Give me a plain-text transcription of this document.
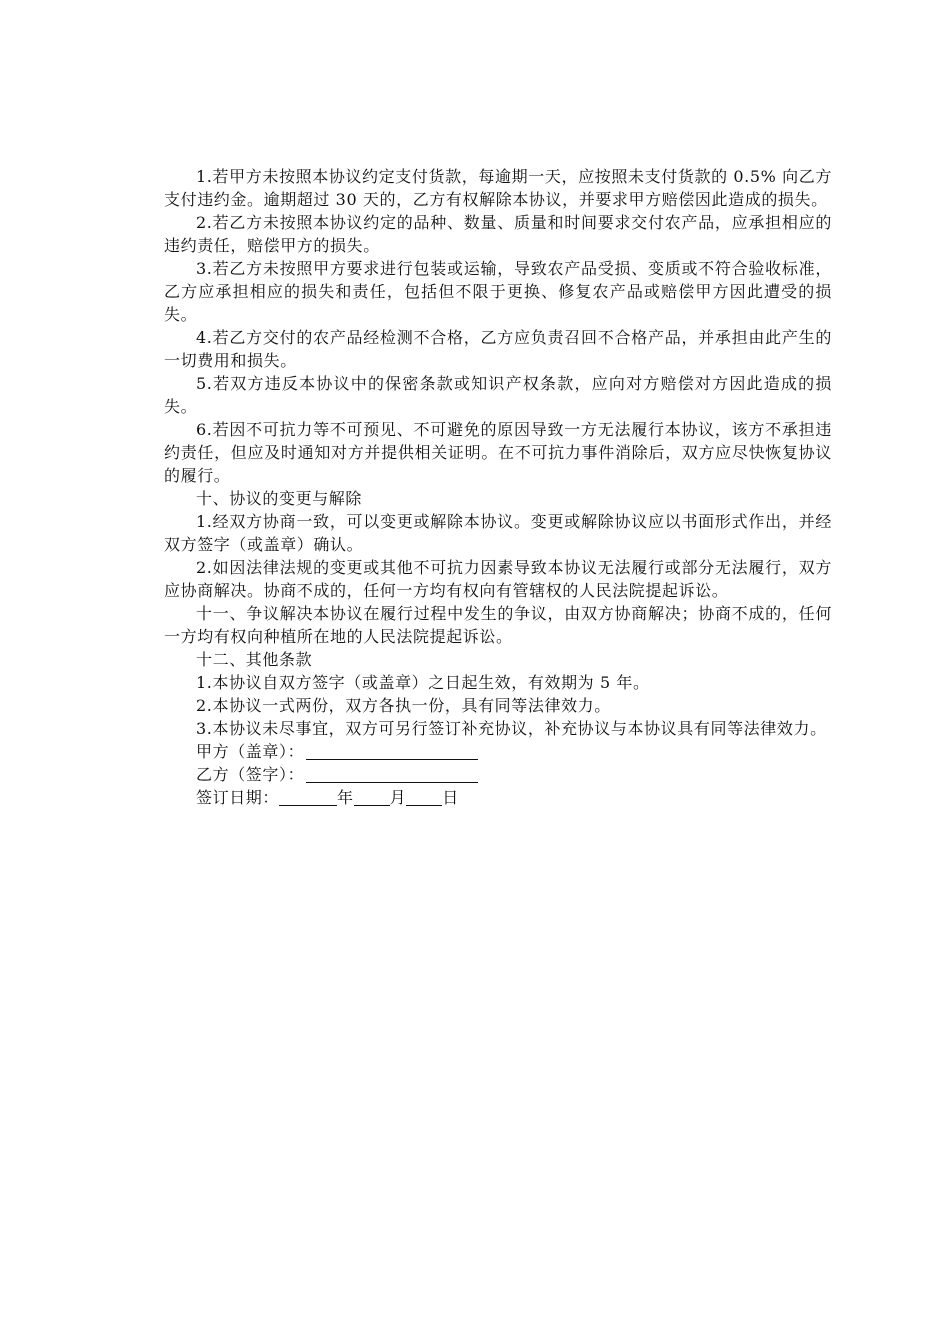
1.若甲方未按照本协议约定支付货款，每逾期一天，应按照未支付货款的 0.5% 向乙方支付违约金。逾期超过 30 天的，乙方有权解除本协议，并要求甲方赔偿因此造成的损失。

2.若乙方未按照本协议约定的品种、数量、质量和时间要求交付农产品，应承担相应的违约责任，赔偿甲方的损失。

3.若乙方未按照甲方要求进行包装或运输，导致农产品受损、变质或不符合验收标准，乙方应承担相应的损失和责任，包括但不限于更换、修复农产品或赔偿甲方因此遭受的损失。

4.若乙方交付的农产品经检测不合格，乙方应负责召回不合格产品，并承担由此产生的一切费用和损失。

5.若双方违反本协议中的保密条款或知识产权条款，应向对方赔偿对方因此造成的损失。

6.若因不可抗力等不可预见、不可避免的原因导致一方无法履行本协议，该方不承担违约责任，但应及时通知对方并提供相关证明。在不可抗力事件消除后，双方应尽快恢复协议的履行。

十、协议的变更与解除

1.经双方协商一致，可以变更或解除本协议。变更或解除协议应以书面形式作出，并经双方签字（或盖章）确认。

2.如因法律法规的变更或其他不可抗力因素导致本协议无法履行或部分无法履行，双方应协商解决。协商不成的，任何一方均有权向有管辖权的人民法院提起诉讼。

十一、争议解决本协议在履行过程中发生的争议，由双方协商解决；协商不成的，任何一方均有权向种植所在地的人民法院提起诉讼。

十二、其他条款

1.本协议自双方签字（或盖章）之日起生效，有效期为 5 年。

2.本协议一式两份，双方各执一份，具有同等法律效力。

3.本协议未尽事宜，双方可另行签订补充协议，补充协议与本协议具有同等法律效力。

甲方（盖章）：

乙方（签字）：

签订日期：	年 月 日
